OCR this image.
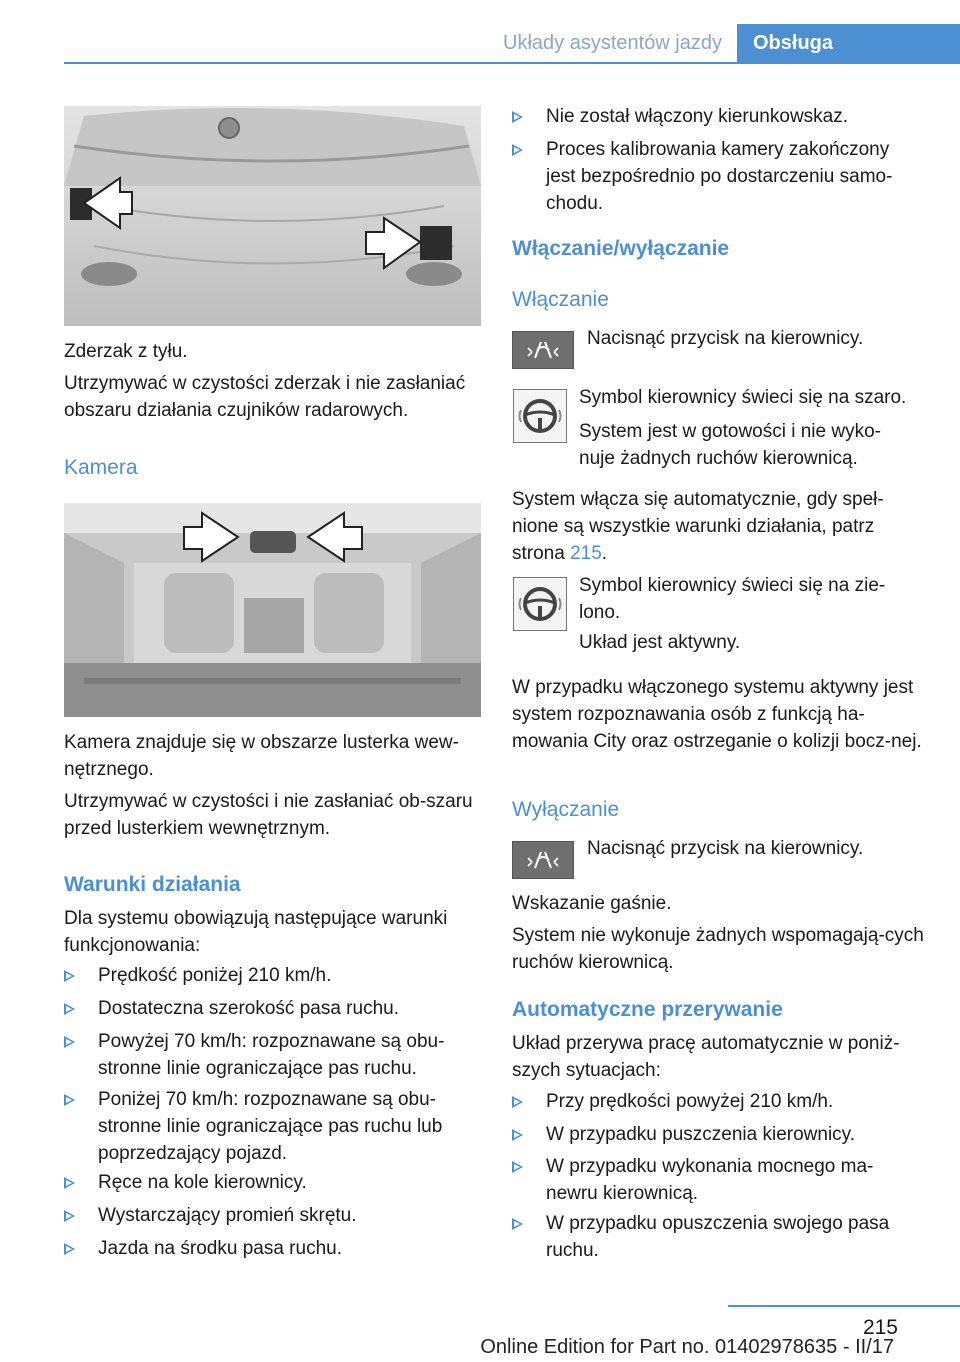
Układy asystentów jazdy	Obsługa
Zderzak z tyłu.
Utrzymywać w czystości zderzak i nie zasłaniać obszaru działania czujników radarowych.
Kamera
Kamera znajduje się w obszarze lusterka wew-nętrznego.
Utrzymywać w czystości i nie zasłaniać ob-szaru przed lusterkiem wewnętrznym.
Warunki działania
Dla systemu obowiązują następujące warunki funkcjonowania:
Prędkość poniżej 210 km/h.
Dostateczna szerokość pasa ruchu.
Powyżej 70 km/h: rozpoznawane są obu-stronne linie ograniczające pas ruchu.
Poniżej 70 km/h: rozpoznawane są obu-stronne linie ograniczające pas ruchu lub poprzedzający pojazd.
Ręce na kole kierownicy.
Wystarczający promień skrętu.
Jazda na środku pasa ruchu.
Nie został włączony kierunkowskaz.
Proces kalibrowania kamery zakończony jest bezpośrednio po dostarczeniu samo-chodu.
Włączanie/wyłączanie
Włączanie
Nacisnąć przycisk na kierownicy.
Symbol kierownicy świeci się na szaro.
System jest w gotowości i nie wyko-nuje żadnych ruchów kierownicą.
System włącza się automatycznie, gdy speł-nione są wszystkie warunki działania, patrz strona 215.
Symbol kierownicy świeci się na zie-lono.
Układ jest aktywny.
W przypadku włączonego systemu aktywny jest system rozpoznawania osób z funkcją ha-mowania City oraz ostrzeganie o kolizji bocz-nej.
Wyłączanie
Nacisnąć przycisk na kierownicy.
Wskazanie gaśnie.
System nie wykonuje żadnych wspomagają-cych ruchów kierownicą.
Automatyczne przerywanie
Układ przerywa pracę automatycznie w poniż-szych sytuacjach:
Przy prędkości powyżej 210 km/h.
W przypadku puszczenia kierownicy.
W przypadku wykonania mocnego ma-newru kierownicą.
W przypadku opuszczenia swojego pasa ruchu.
215
Online Edition for Part no. 01402978635 - II/17
